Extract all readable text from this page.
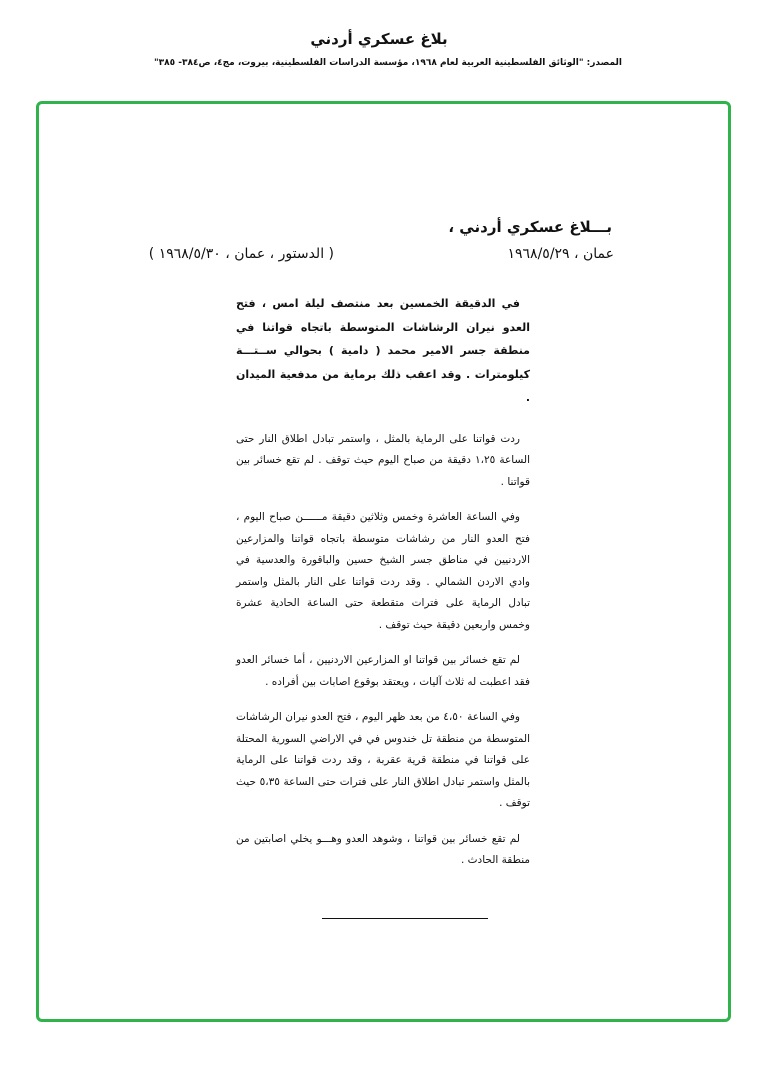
بلاغ عسكري أردني
المصدر: "الوثائق الفلسطينية العربية لعام ١٩٦٨، مؤسسة الدراسات الفلسطينية، بيروت، مج٤، ص٣٨٤- ٣٨٥"
بـــلاغ عسكري أردني ،
عمان ، ١٩٦٨/٥/٢٩
( الدستور ، عمان ، ١٩٦٨/٥/٣٠ )

في الدقيقة الخمسين بعد منتصف ليلة امس ، فتح العدو نيران الرشاشات المتوسطة باتجاه قواتنا في منطقة جسر الامير محمد ( دامية ) بحوالي ســتـــة كيلومترات . وقد اعقب ذلك برماية من مدفعية الميدان .

ردت قواتنا على الرماية بالمثل ، واستمر تبادل اطلاق النار حتى الساعة ١،٢٥ دقيقة من صباح اليوم حيث توقف . لم تقع خسائر بين قواتنا .

وفي الساعة العاشرة وخمس وثلاثين دقيقة مــــــن صباح اليوم ، فتح العدو النار من رشاشات متوسطة باتجاه قواتنا والمزارعين الاردنيين في مناطق جسر الشيخ حسين والباقورة والعدسية في وادي الاردن الشمالي . وقد ردت قواتنا على النار بالمثل واستمر تبادل الرماية على فترات متقطعة حتى الساعة الحادية عشرة وخمس واربعين دقيقة حيث توقف .

لم تقع خسائر بين قواتنا او المزارعين الاردنيين ، أما خسائر العدو فقد اعطبت له ثلاث آليات ، ويعتقد بوقوع اصابات بين أفراده .

وفي الساعة ٤،٥٠ من بعد ظهر اليوم ، فتح العدو نيران الرشاشات المتوسطة من منطقة تل خندوس في في الاراضي السورية المحتلة على قواتنا في منطقة قرية عقربة ، وقد ردت قواتنا على الرماية بالمثل واستمر تبادل اطلاق النار على فترات حتى الساعة ٥،٣٥ حيث توقف .

لم تقع خسائر بين قواتنا ، وشوهد العدو وهـــو يخلي اصابتين من منطقة الحادث .
